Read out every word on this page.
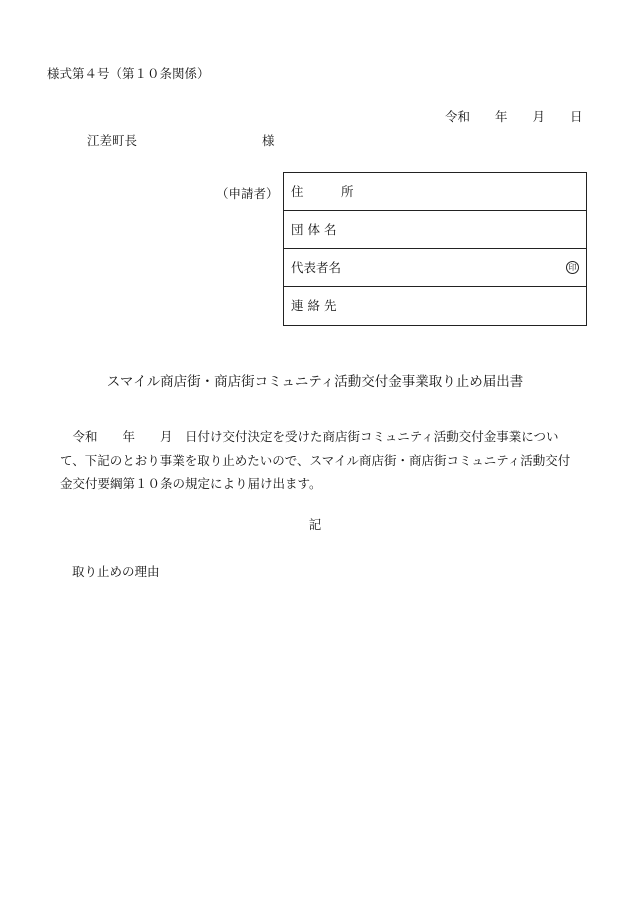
様式第４号（第１０条関係）
令和　　年　　月　　日
江差町長　　　　　　　　　　様
（申請者） 住　　　所
団 体 名
代表者名	印
連 絡 先
スマイル商店街・商店街コミュニティ活動交付金事業取り止め届出書

　令和　　年　　月　日付け交付決定を受けた商店街コミュニティ活動交付金事業につい
て、下記のとおり事業を取り止めたいので、スマイル商店街・商店街コミュニティ活動交付
金交付要綱第１０条の規定により届け出ます。

記
取り止めの理由
